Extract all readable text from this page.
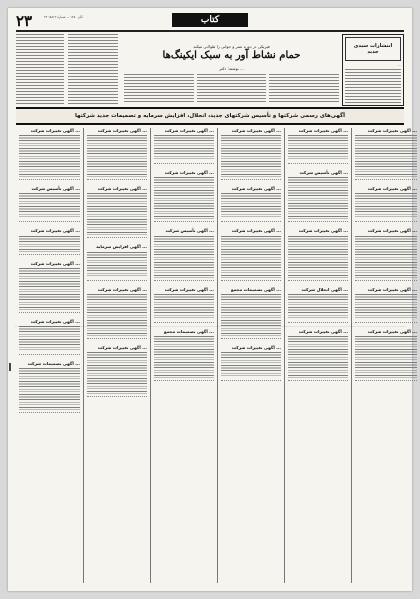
۲۳	۲۴ آبان ۱۳۸۰ — شماره ۱۸۸۱۳	کتاب
فیزیکی در دوره عمر و جوانی را طولانی میکند
حمام نشاط آور به سبک ایکینگ‌ها
نوشته: دکتر ...
انتشارات سیدی
جدید
...
آگهی‌های رسمی شرکتها و تأسیس شرکتهای جدید، انحلال، افزایش سرمایه و تصمیمات جدید شرکتها
آگهی تغییرات شرکت ...
آگهی تأسیس شرکت ...
آگهی تغییرات شرکت ...
آگهی تغییرات شرکت ...
آگهی تغییرات شرکت ...
آگهی تصمیمات شرکت ...
آگهی تغییرات شرکت ...
آگهی تغییرات شرکت ...
آگهی افزایش سرمایه ...
آگهی تغییرات شرکت ...
آگهی تغییرات شرکت ...
آگهی تغییرات شرکت ...
آگهی تغییرات شرکت ...
آگهی تأسیس شرکت ...
آگهی تغییرات شرکت ...
آگهی تصمیمات مجمع ...
آگهی تغییرات شرکت ...
آگهی تغییرات شرکت ...
آگهی تغییرات شرکت ...
آگهی تصمیمات مجمع ...
آگهی تغییرات شرکت ...
آگهی تغییرات شرکت ...
آگهی تأسیس شرکت ...
آگهی تغییرات شرکت ...
آگهی انحلال شرکت ...
آگهی تغییرات شرکت ...
آگهی تغییرات شرکت ...
آگهی تغییرات شرکت ...
آگهی تغییرات شرکت ...
آگهی تغییرات شرکت ...
آگهی تغییرات شرکت ...
